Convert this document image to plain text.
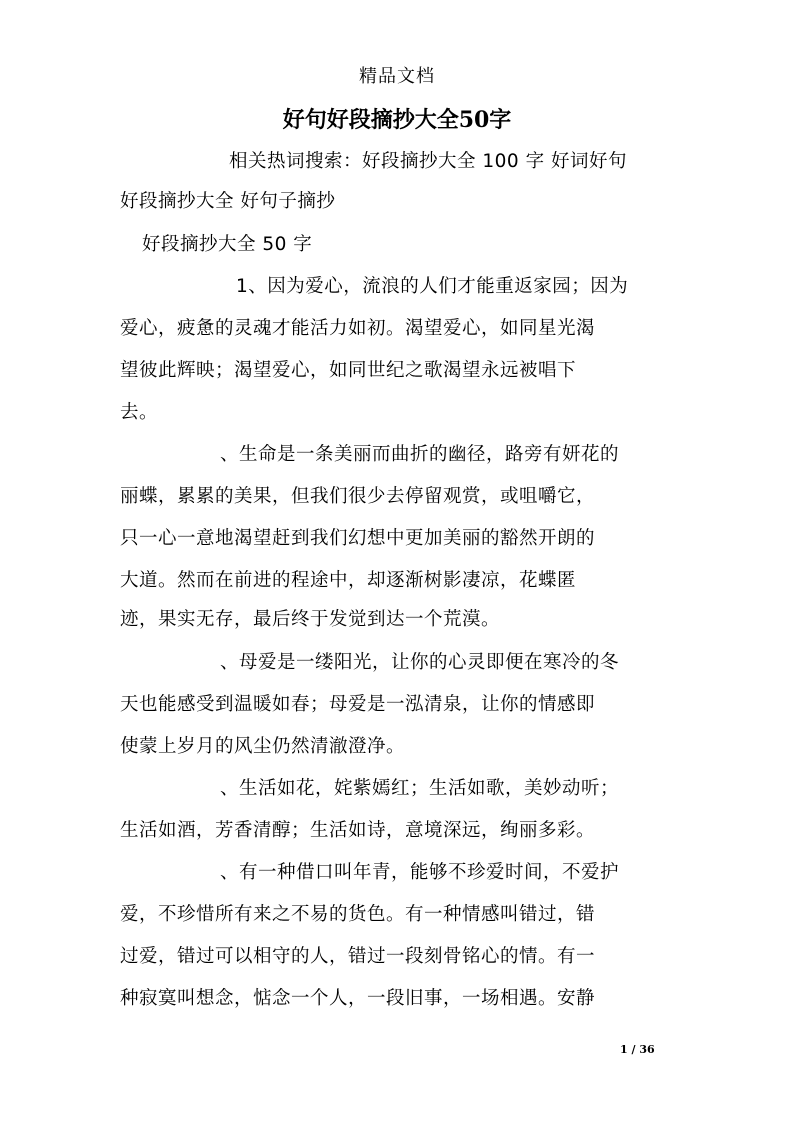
精品文档
好句好段摘抄大全50字
相关热词搜索：好段摘抄大全 100 字 好词好句
好段摘抄大全 好句子摘抄
好段摘抄大全 50 字
1、因为爱心，流浪的人们才能重返家园；因为
爱心，疲惫的灵魂才能活力如初。渴望爱心，如同星光渴
望彼此辉映；渴望爱心，如同世纪之歌渴望永远被唱下
去。
、生命是一条美丽而曲折的幽径，路旁有妍花的
丽蝶，累累的美果，但我们很少去停留观赏，或咀嚼它，
只一心一意地渴望赶到我们幻想中更加美丽的豁然开朗的
大道。然而在前进的程途中，却逐渐树影凄凉，花蝶匿
迹，果实无存，最后终于发觉到达一个荒漠。
、母爱是一缕阳光，让你的心灵即便在寒冷的冬
天也能感受到温暖如春；母爱是一泓清泉，让你的情感即
使蒙上岁月的风尘仍然清澈澄净。
、生活如花，姹紫嫣红；生活如歌，美妙动听；
生活如酒，芳香清醇；生活如诗，意境深远，绚丽多彩。
、有一种借口叫年青，能够不珍爱时间，不爱护
爱，不珍惜所有来之不易的货色。有一种情感叫错过，错
过爱，错过可以相守的人，错过一段刻骨铭心的情。有一
种寂寞叫想念，惦念一个人，一段旧事，一场相遇。安静
1 / 36
